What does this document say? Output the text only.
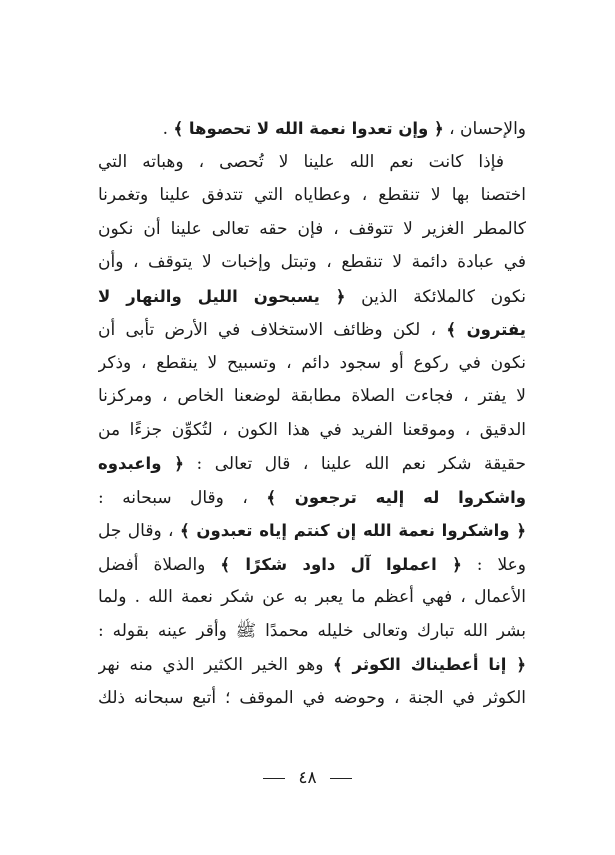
والإحسان ، ﴿ وإن تعدوا نعمة الله لا تحصوها ﴾ .
فإذا كانت نعم الله علينا لا تُحصى ، وهباته التي
اختصنا بها لا تنقطع ، وعطاياه التي تتدفق علينا وتغمرنا
كالمطر الغزير لا تتوقف ، فإن حقه تعالى علينا أن نكون
في عبادة دائمة لا تنقطع ، وتبتل وإخبات لا يتوقف ، وأن
نكون كالملائكة الذين ﴿ يسبحون الليل والنهار لا
يفترون ﴾ ، لكن وظائف الاستخلاف في الأرض تأبى أن
نكون في ركوع أو سجود دائم ، وتسبيح لا ينقطع ، وذكر
لا يفتر ، فجاءت الصلاة مطابقة لوضعنا الخاص ، ومركزنا
الدقيق ، وموقعنا الفريد في هذا الكون ، لتُكوِّن جزءًا من
حقيقة شكر نعم الله علينا ، قال تعالى : ﴿ واعبدوه
واشكروا له إليه ترجعون ﴾ ، وقال سبحانه :
﴿ واشكروا نعمة الله إن كنتم إياه تعبدون ﴾ ، وقال جل
وعلا : ﴿ اعملوا آل داود شكرًا ﴾ والصلاة أفضل
الأعمال ، فهي أعظم ما يعبر به عن شكر نعمة الله . ولما
بشر الله تبارك وتعالى خليله محمدًا ﷺ وأقر عينه بقوله :
﴿ إنا أعطيناك الكوثر ﴾ وهو الخير الكثير الذي منه نهر
الكوثر في الجنة ، وحوضه في الموقف ؛ أتبع سبحانه ذلك
٤٨
